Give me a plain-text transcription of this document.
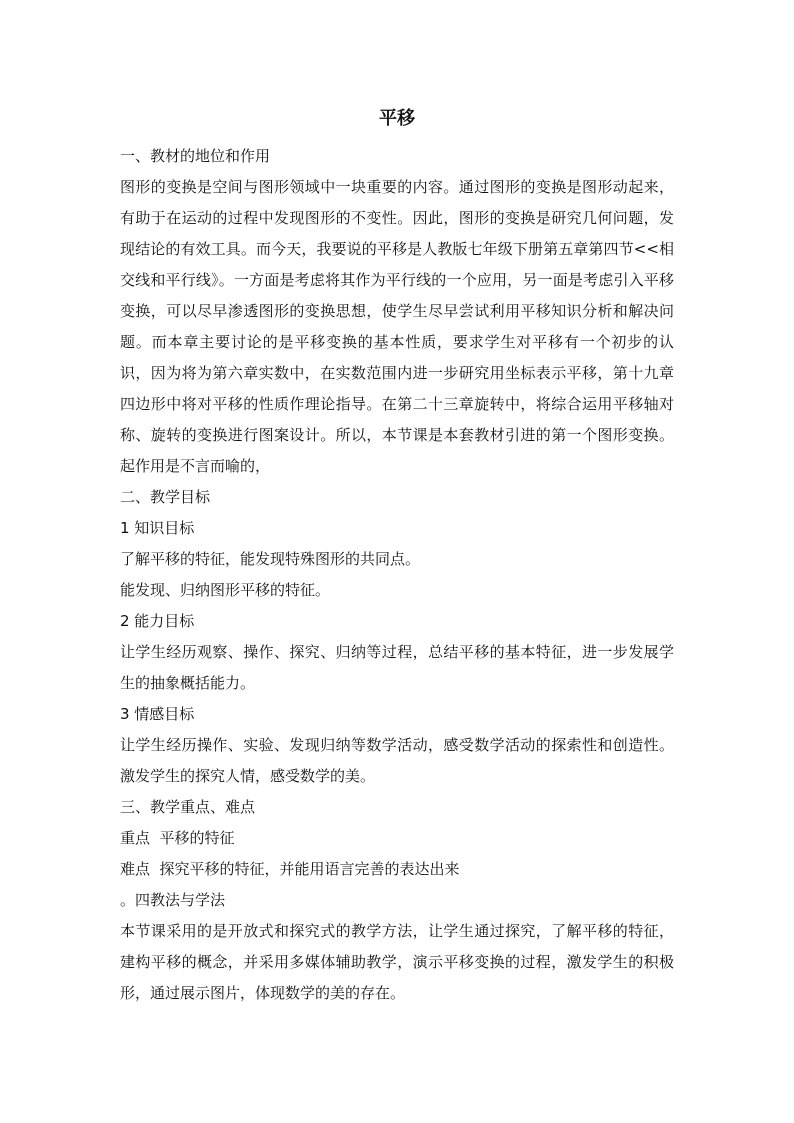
平移
一、教材的地位和作用

图形的变换是空间与图形领域中一块重要的内容。通过图形的变换是图形动起来，有助于在运动的过程中发现图形的不变性。因此，图形的变换是研究几何问题，发现结论的有效工具。而今天，我要说的平移是人教版七年级下册第五章第四节<<相交线和平行线》。一方面是考虑将其作为平行线的一个应用，另一面是考虑引入平移变换，可以尽早渗透图形的变换思想，使学生尽早尝试利用平移知识分析和解决问题。而本章主要讨论的是平移变换的基本性质，要求学生对平移有一个初步的认识，因为将为第六章实数中，在实数范围内进一步研究用坐标表示平移，第十九章四边形中将对平移的性质作理论指导。在第二十三章旋转中，将综合运用平移轴对称、旋转的变换进行图案设计。所以，本节课是本套教材引进的第一个图形变换。起作用是不言而喻的，

二、教学目标
1 知识目标

了解平移的特征，能发现特殊图形的共同点。

能发现、归纳图形平移的特征。

2 能力目标

让学生经历观察、操作、探究、归纳等过程，总结平移的基本特征，进一步发展学生的抽象概括能力。

3 情感目标

让学生经历操作、实验、发现归纳等数学活动，感受数学活动的探索性和创造性。激发学生的探究人情，感受数学的美。

三、教学重点、难点

重点  平移的特征

难点  探究平移的特征，并能用语言完善的表达出来

。四教法与学法

本节课采用的是开放式和探究式的教学方法，让学生通过探究，了解平移的特征，建构平移的概念，并采用多媒体辅助教学，演示平移变换的过程，激发学生的积极形，通过展示图片，体现数学的美的存在。
